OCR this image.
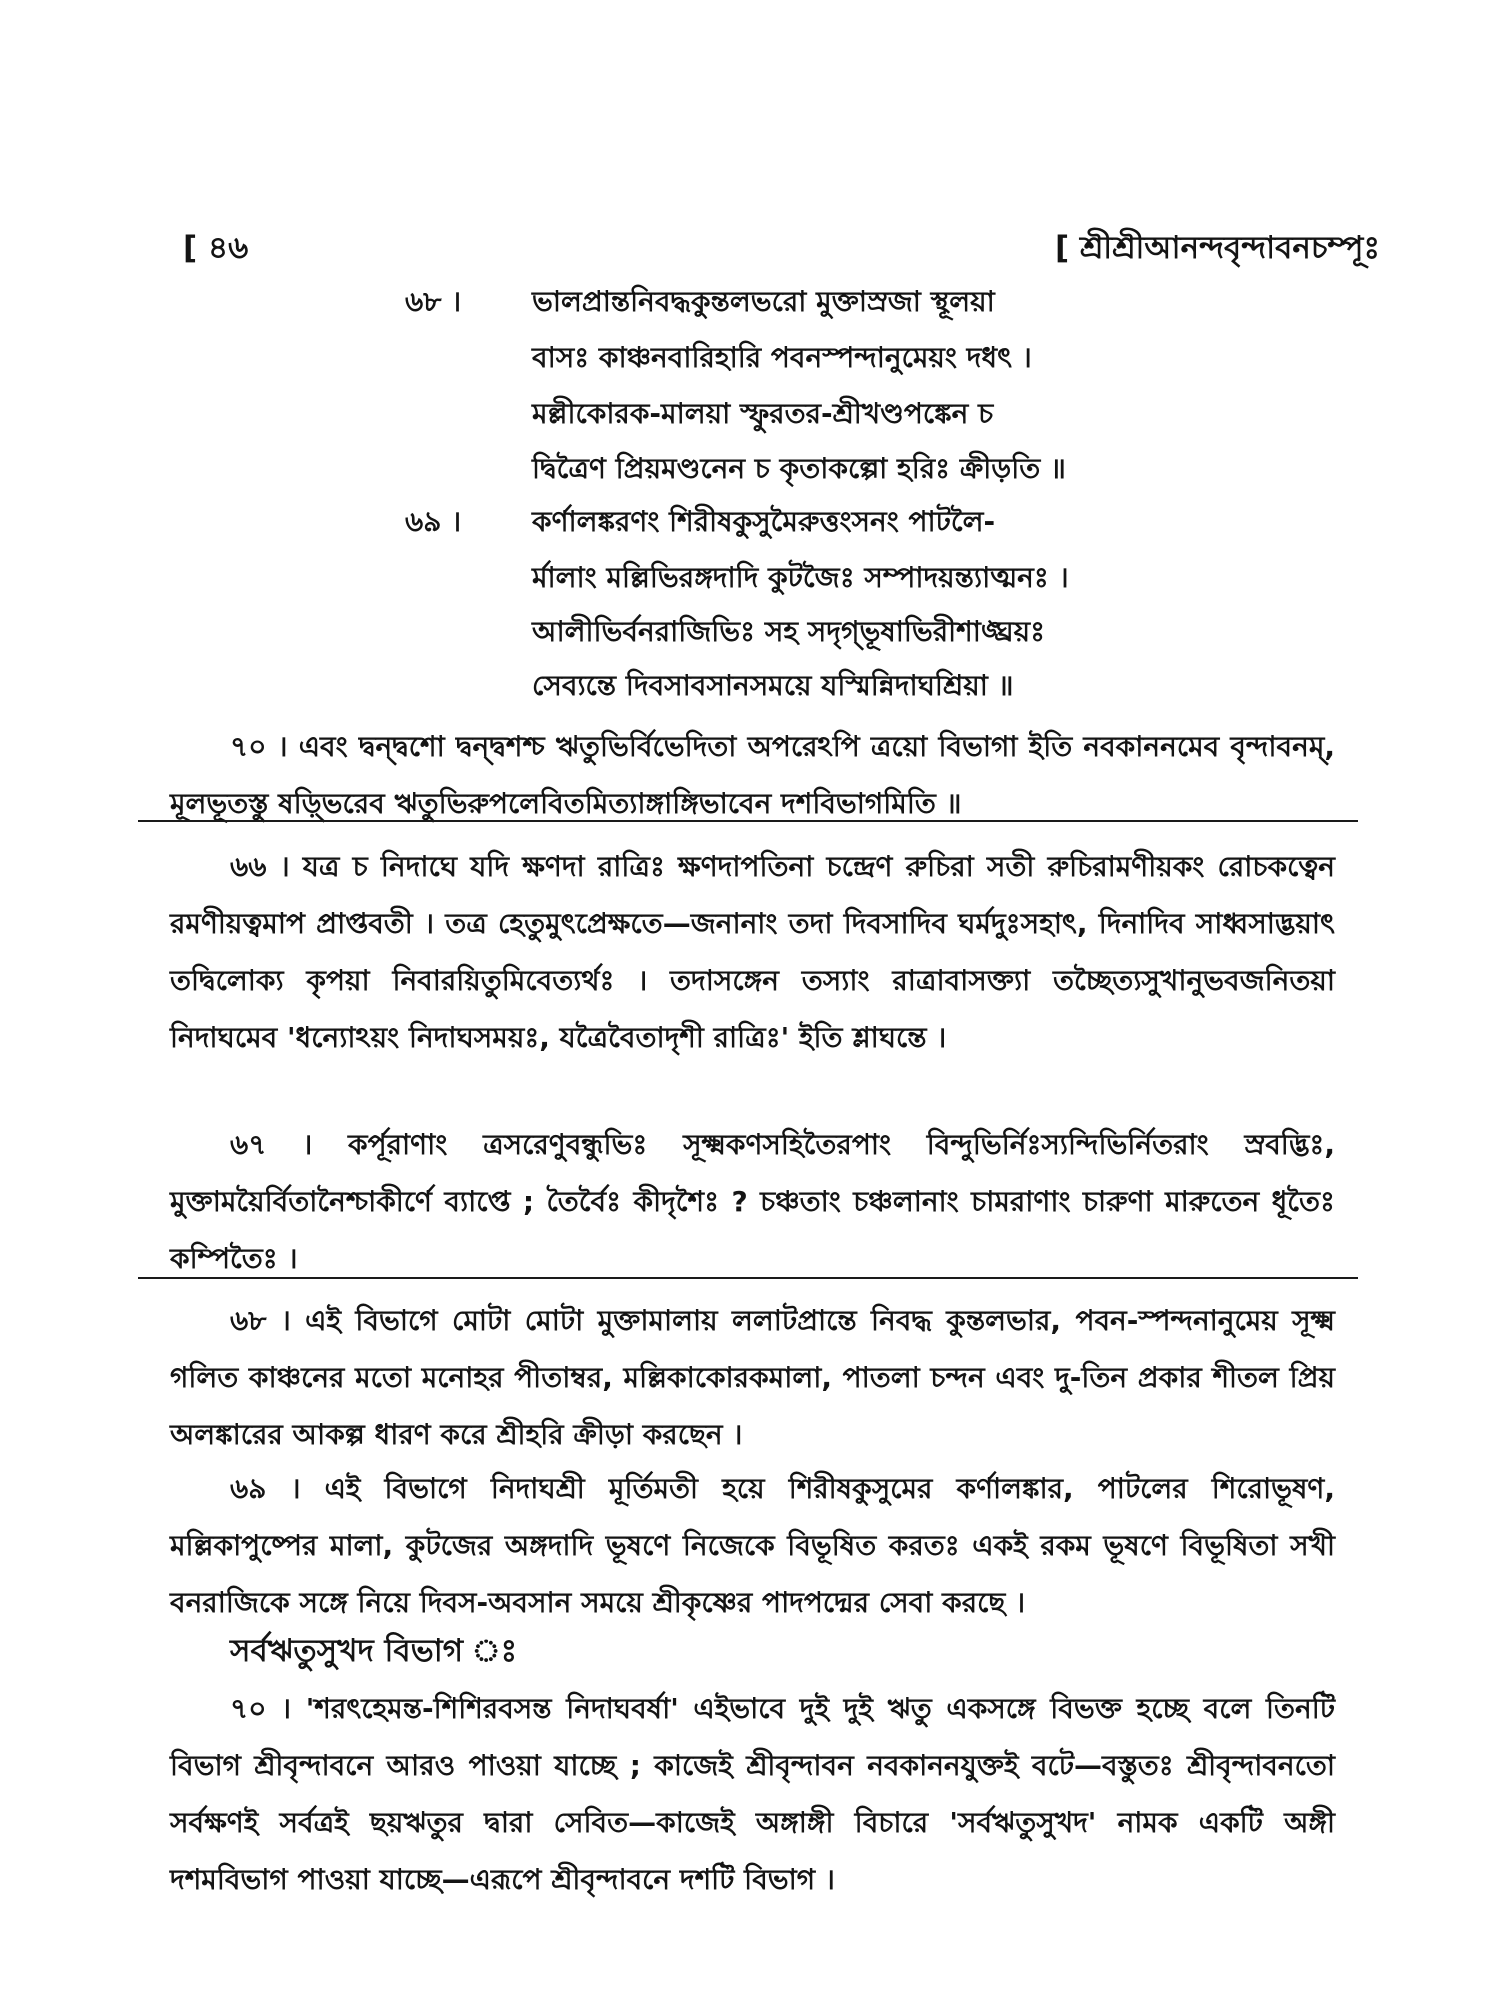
[ ৪৬	[ শ্রীশ্রীআনন্দবৃন্দাবনচম্পূঃ
৬৮ ।	ভালপ্রান্তনিবদ্ধকুন্তলভরো মুক্তাস্রজা স্থূলয়া
বাসঃ কাঞ্চনবারিহারি পবনস্পন্দানুমেয়ং দধৎ ।
মল্লীকোরক-মালয়া স্ফুরতর-শ্রীখণ্ডপঙ্কেন চ
দ্বিত্রৈণ প্রিয়মণ্ডনেন চ কৃতাকল্পো হরিঃ ক্রীড়তি ॥
৬৯ ।	কর্ণালঙ্করণং শিরীষকুসুমৈরুত্তংসনং পাটলৈ-
র্মালাং মল্লিভিরঙ্গদাদি কুটজৈঃ সম্পাদয়ন্ত্যাত্মনঃ ।
আলীভির্বনরাজিভিঃ সহ সদৃগ্ভূষাভিরীশাঙ্ঘ্রয়ঃ
সেব্যন্তে দিবসাবসানসময়ে যস্মিন্নিদাঘশ্রিয়া ॥
৭০ । এবং দ্বন্দ্বশো দ্বন্দ্বশশ্চ ঋতুভির্বিভেদিতা অপরেঽপি ত্রয়ো বিভাগা ইতি নবকাননমেব বৃন্দাবনম্, মূলভূতস্তু ষড়্ভিরেব ঋতুভিরুপলেবিতমিত্যাঙ্গাঙ্গিভাবেন দশবিভাগমিতি ॥
৬৬ । যত্র চ নিদাঘে যদি ক্ষণদা রাত্রিঃ ক্ষণদাপতিনা চন্দ্রেণ রুচিরা সতী রুচিরামণীয়কং রোচকত্বেন রমণীয়ত্বমাপ প্রাপ্তবতী । তত্র হেতুমুৎপ্রেক্ষতে—জনানাং তদা দিবসাদিব ঘর্মদুঃসহাৎ, দিনাদিব সাধ্বসাদ্ভয়াৎ তদ্বিলোক্য কৃপয়া নিবারয়িতুমিবেত্যর্থঃ । তদাসঙ্গেন তস্যাং রাত্রাবাসক্ত্যা তচ্ছৈত্যসুখানুভবজনিতয়া নিদাঘমেব 'ধন্যোঽয়ং নিদাঘসময়ঃ, যত্রৈবৈতাদৃশী রাত্রিঃ' ইতি শ্লাঘন্তে ।
৬৭ । কর্পূরাণাং ত্রসরেণুবন্ধুভিঃ সূক্ষ্মকণসহিতৈরপাং বিন্দুভির্নিঃস্যন্দিভির্নিতরাং স্রবদ্ভিঃ, মুক্তাময়ৈর্বিতানৈশ্চাকীর্ণে ব্যাপ্তে ; তৈর্বৈঃ কীদৃশৈঃ ? চঞ্চতাং চঞ্চলানাং চামরাণাং চারুণা মারুতেন ধূতৈঃ কম্পিতৈঃ ।
৬৮ । এই বিভাগে মোটা মোটা মুক্তামালায় ললাটপ্রান্তে নিবদ্ধ কুন্তলভার, পবন-স্পন্দনানুমেয় সূক্ষ্ম গলিত কাঞ্চনের মতো মনোহর পীতাম্বর, মল্লিকাকোরকমালা, পাতলা চন্দন এবং দু-তিন প্রকার শীতল প্রিয় অলঙ্কারের আকল্প ধারণ করে শ্রীহরি ক্রীড়া করছেন ।
৬৯ । এই বিভাগে নিদাঘশ্রী মূর্তিমতী হয়ে শিরীষকুসুমের কর্ণালঙ্কার, পাটলের শিরোভূষণ, মল্লিকাপুষ্পের মালা, কুটজের অঙ্গদাদি ভূষণে নিজেকে বিভূষিত করতঃ একই রকম ভূষণে বিভূষিতা সখী বনরাজিকে সঙ্গে নিয়ে দিবস-অবসান সময়ে শ্রীকৃষ্ণের পাদপদ্মের সেবা করছে ।
সর্বঋতুসুখদ বিভাগ ঃ
৭০ । 'শরৎহেমন্ত-শিশিরবসন্ত নিদাঘবর্ষা' এইভাবে দুই দুই ঋতু একসঙ্গে বিভক্ত হচ্ছে বলে তিনটি বিভাগ শ্রীবৃন্দাবনে আরও পাওয়া যাচ্ছে ; কাজেই শ্রীবৃন্দাবন নবকাননযুক্তই বটে—বস্তুতঃ শ্রীবৃন্দাবনতো সর্বক্ষণই সর্বত্রই ছয়ঋতুর দ্বারা সেবিত—কাজেই অঙ্গাঙ্গী বিচারে 'সর্বঋতুসুখদ' নামক একটি অঙ্গী দশমবিভাগ পাওয়া যাচ্ছে—এরূপে শ্রীবৃন্দাবনে দশটি বিভাগ ।
